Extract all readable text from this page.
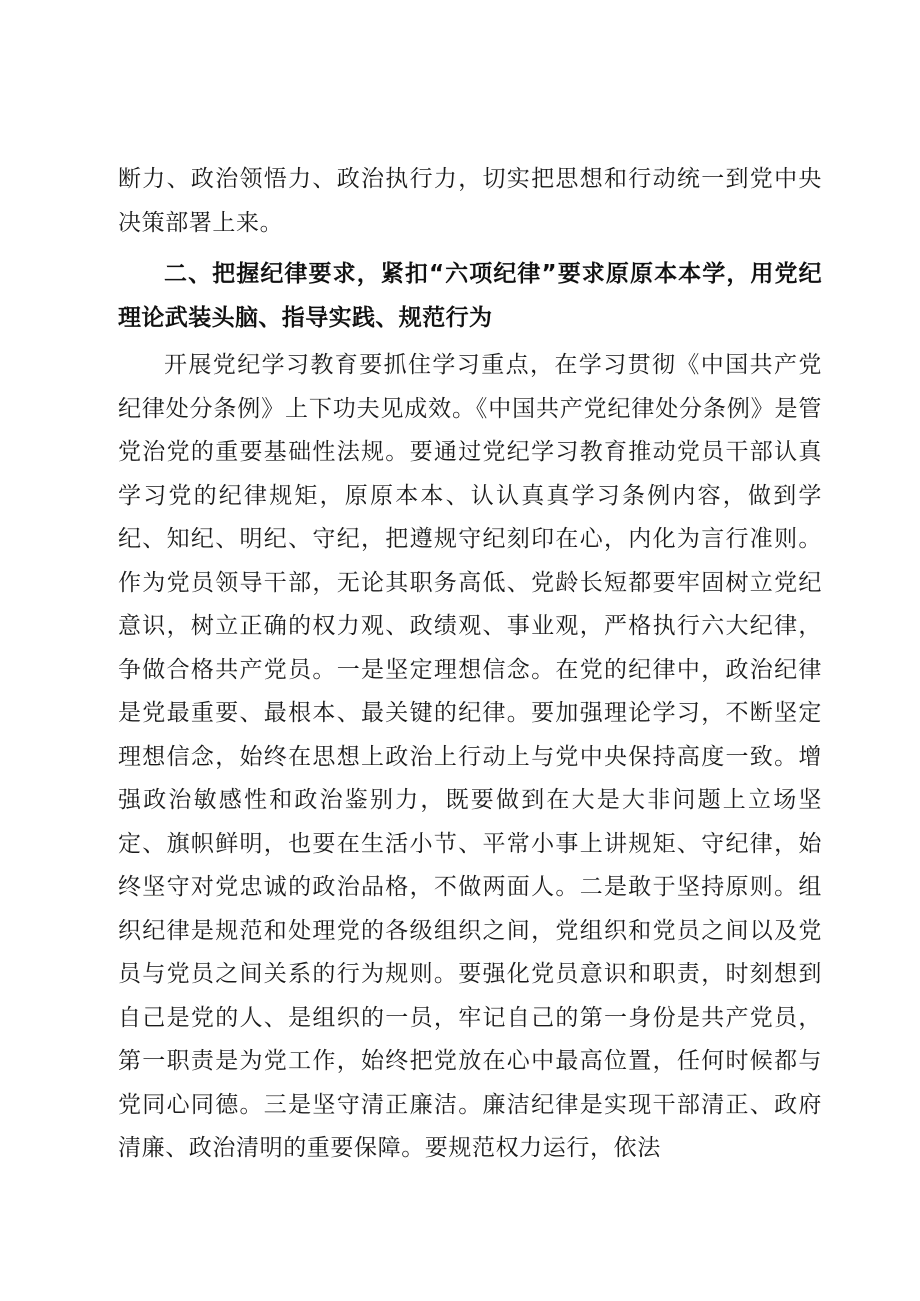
断力、政治领悟力、政治执行力，切实把思想和行动统一到党中央决策部署上来。

二、把握纪律要求，紧扣“六项纪律”要求原原本本学，用党纪理论武装头脑、指导实践、规范行为

开展党纪学习教育要抓住学习重点，在学习贯彻《中国共产党纪律处分条例》上下功夫见成效。《中国共产党纪律处分条例》是管党治党的重要基础性法规。要通过党纪学习教育推动党员干部认真学习党的纪律规矩，原原本本、认认真真学习条例内容，做到学纪、知纪、明纪、守纪，把遵规守纪刻印在心，内化为言行准则。作为党员领导干部，无论其职务高低、党龄长短都要牢固树立党纪意识，树立正确的权力观、政绩观、事业观，严格执行六大纪律，争做合格共产党员。一是坚定理想信念。在党的纪律中，政治纪律是党最重要、最根本、最关键的纪律。要加强理论学习，不断坚定理想信念，始终在思想上政治上行动上与党中央保持高度一致。增强政治敏感性和政治鉴别力，既要做到在大是大非问题上立场坚定、旗帜鲜明，也要在生活小节、平常小事上讲规矩、守纪律，始终坚守对党忠诚的政治品格，不做两面人。二是敢于坚持原则。组织纪律是规范和处理党的各级组织之间，党组织和党员之间以及党员与党员之间关系的行为规则。要强化党员意识和职责，时刻想到自己是党的人、是组织的一员，牢记自己的第一身份是共产党员，第一职责是为党工作，始终把党放在心中最高位置，任何时候都与党同心同德。三是坚守清正廉洁。廉洁纪律是实现干部清正、政府清廉、政治清明的重要保障。要规范权力运行，依法
